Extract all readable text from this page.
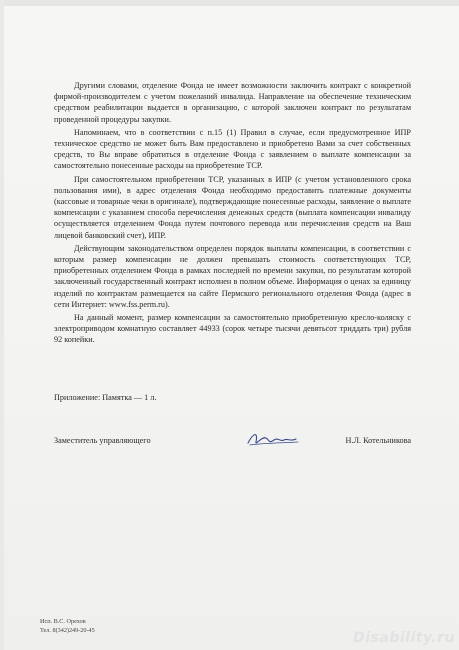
Другими словами, отделение Фонда не имеет возможности заключить контракт с конкретной фирмой-производителем с учетом пожеланий инвалида. Направление на обеспечение техническим средством реабилитации выдается в организацию, с которой заключен контракт по результатам проведенной процедуры закупки.

Напоминаем, что в соответствии с п.15 (1) Правил в случае, если предусмотренное ИПР техническое средство не может быть Вам предоставлено и приобретено Вами за счет собственных средств, то Вы вправе обратиться в отделение Фонда с заявлением о выплате компенсации за самостоятельно понесенные расходы на приобретение ТСР.

При самостоятельном приобретении ТСР, указанных в ИПР (с учетом установленного срока пользования ими), в адрес отделения Фонда необходимо предоставить платежные документы (кассовые и товарные чеки в оригинале), подтверждающие понесенные расходы, заявление о выплате компенсации с указанием способа перечисления денежных средств (выплата компенсации инвалиду осуществляется отделением Фонда путем почтового перевода или перечисления средств на Ваш лицевой банковский счет), ИПР.

Действующим законодательством определен порядок выплаты компенсации, в соответствии с которым размер компенсации не должен превышать стоимость соответствующих ТСР, приобретенных отделением Фонда в рамках последней по времени закупки, по результатам которой заключенный государственный контракт исполнен в полном объеме. Информация о ценах за единицу изделий по контрактам размещается на сайте Пермского регионального отделения Фонда (адрес в сети Интернет: www.fss.perm.ru).

На данный момент, размер компенсации за самостоятельно приобретенную кресло-коляску с электроприводом комнатную составляет 44933 (сорок четыре тысячи девятьсот триддать три) рубля 92 копейки.

Приложение: Памятка — 1 л.
Заместитель управляющего	Н.Л. Котельникова
Исп. В.С. Орехов
Тел. 8(342)249-20-45	Disability.ru
